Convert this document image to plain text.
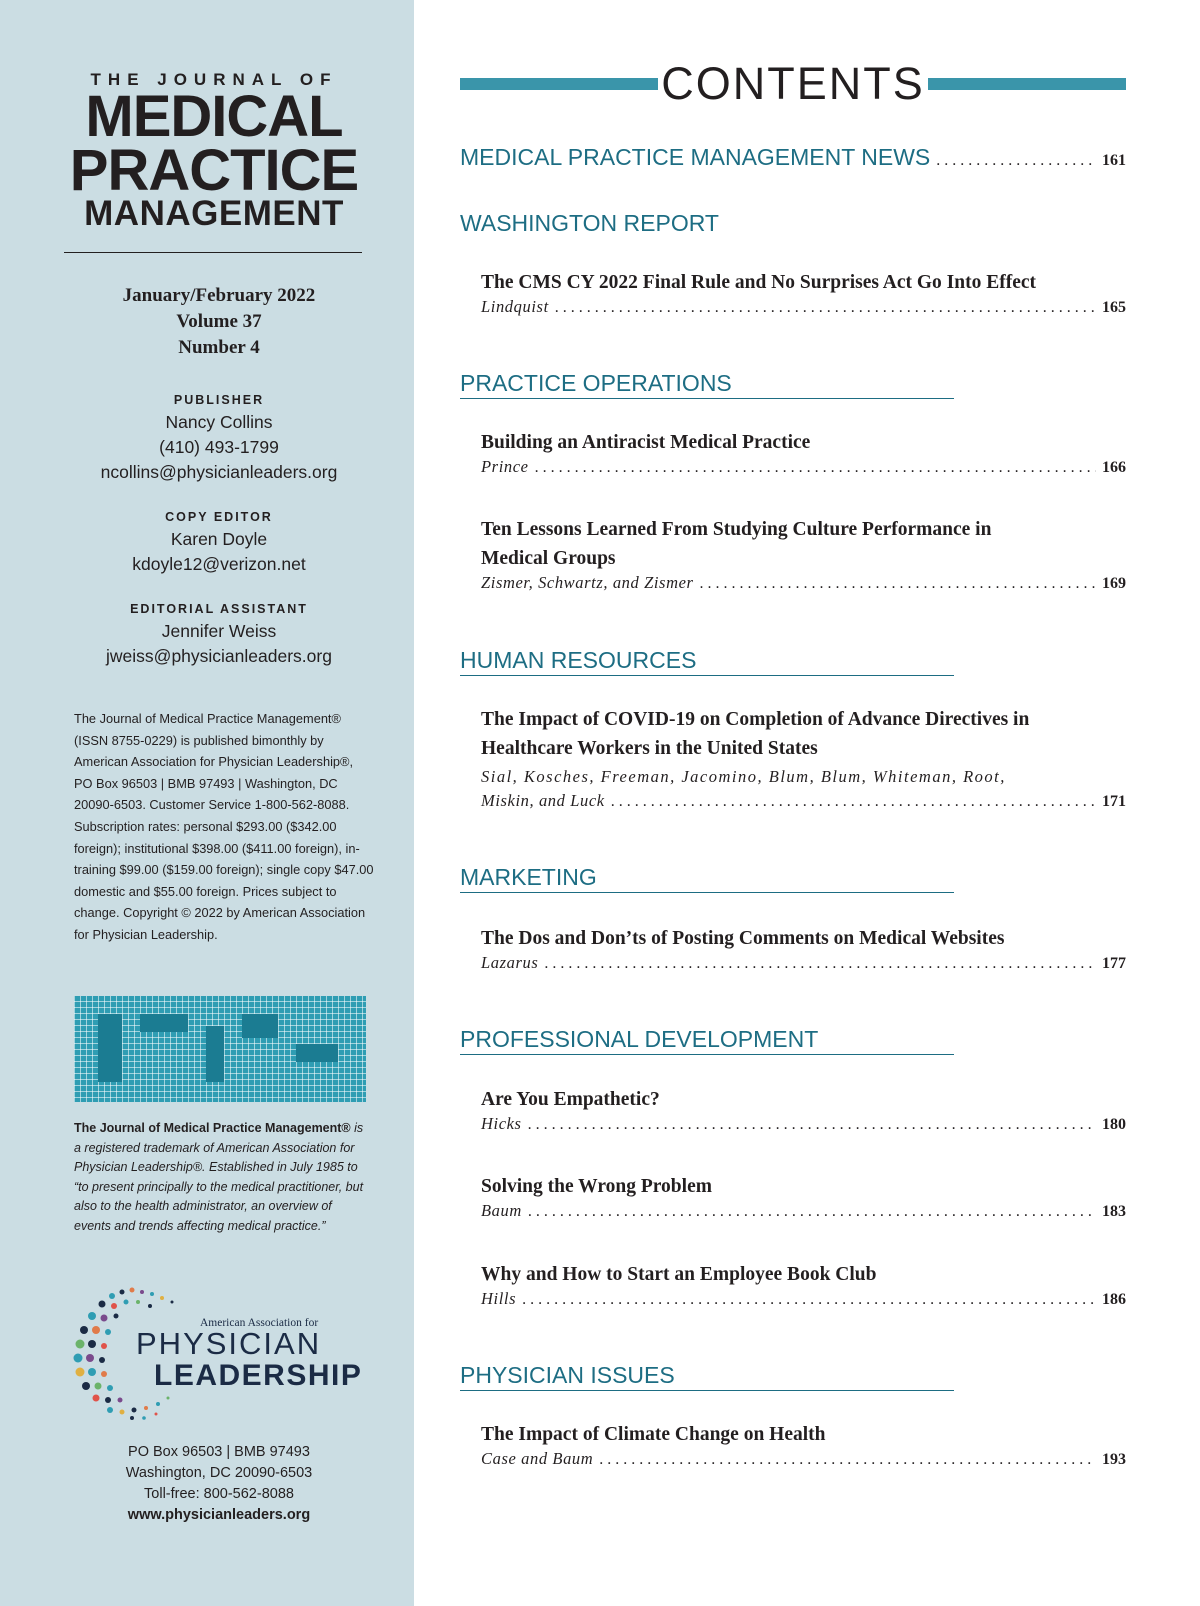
THE JOURNAL OF
MEDICAL
PRACTICE
MANAGEMENT
January/February 2022
Volume 37
Number 4
PUBLISHER
Nancy Collins
(410) 493-1799
ncollins@physicianleaders.org
COPY EDITOR
Karen Doyle
kdoyle12@verizon.net
EDITORIAL ASSISTANT
Jennifer Weiss
jweiss@physicianleaders.org
The Journal of Medical Practice Management® (ISSN 8755-0229) is published bimonthly by American Association for Physician Leadership®, PO Box 96503 | BMB 97493 | Washington, DC 20090-6503. Customer Service 1-800-562-8088. Subscription rates: personal $293.00 ($342.00 foreign); institutional $398.00 ($411.00 foreign), in-training $99.00 ($159.00 foreign); single copy $47.00 domestic and $55.00 foreign. Prices subject to change. Copyright © 2022 by American Association for Physician Leadership.
The Journal of Medical Practice Management® is a registered trademark of American Association for Physician Leadership®. Established in July 1985 to “to present principally to the medical practitioner, but also to the health administrator, an overview of events and trends affecting medical practice.”
American Association for
PHYSICIAN
LEADERSHIP
PO Box 96503 | BMB 97493
Washington, DC 20090-6503
Toll-free: 800-562-8088
www.physicianleaders.org
CONTENTS
MEDICAL PRACTICE MANAGEMENT NEWS . . .	161
WASHINGTON REPORT
The CMS CY 2022 Final Rule and No Surprises Act Go Into Effect
Lindquist . . .	165
PRACTICE OPERATIONS
Building an Antiracist Medical Practice
Prince . . .	166
Ten Lessons Learned From Studying Culture Performance in Medical Groups
Zismer, Schwartz, and Zismer . . .	169
HUMAN RESOURCES
The Impact of COVID-19 on Completion of Advance Directives in Healthcare Workers in the United States
Sial, Kosches, Freeman, Jacomino, Blum, Blum, Whiteman, Root,
Miskin, and Luck . . .	171
MARKETING
The Dos and Don’ts of Posting Comments on Medical Websites
Lazarus . . .	177
PROFESSIONAL DEVELOPMENT
Are You Empathetic?
Hicks . . .	180
Solving the Wrong Problem
Baum . . .	183
Why and How to Start an Employee Book Club
Hills . . .	186
PHYSICIAN ISSUES
The Impact of Climate Change on Health
Case and Baum . . .	193
